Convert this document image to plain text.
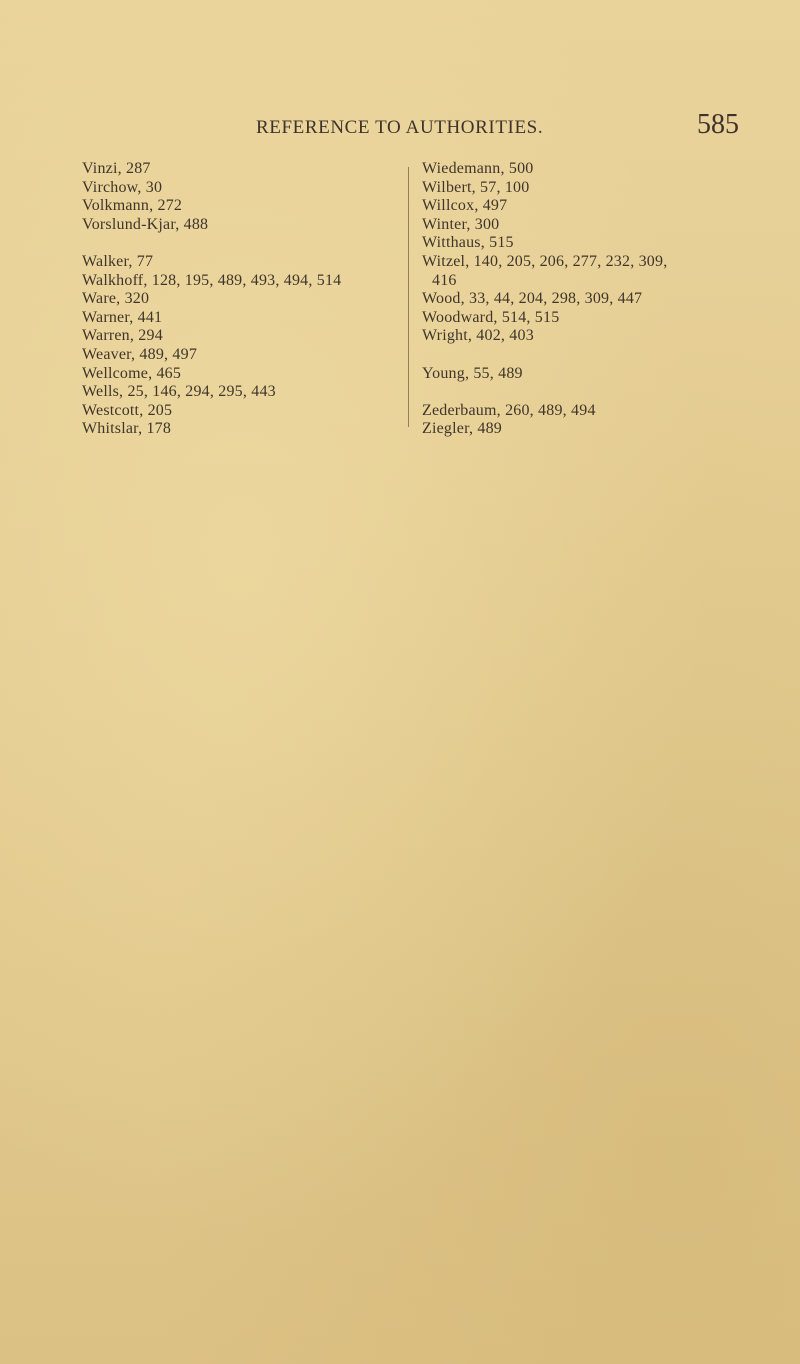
REFERENCE TO AUTHORITIES.	585
Vinzi, 287
Virchow, 30
Volkmann, 272
Vorslund-Kjar, 488
Walker, 77
Walkhoff, 128, 195, 489, 493, 494, 514
Ware, 320
Warner, 441
Warren, 294
Weaver, 489, 497
Wellcome, 465
Wells, 25, 146, 294, 295, 443
Westcott, 205
Whitslar, 178
Wiedemann, 500
Wilbert, 57, 100
Willcox, 497
Winter, 300
Witthaus, 515
Witzel, 140, 205, 206, 277, 232, 309,
416
Wood, 33, 44, 204, 298, 309, 447
Woodward, 514, 515
Wright, 402, 403
Young, 55, 489
Zederbaum, 260, 489, 494
Ziegler, 489
